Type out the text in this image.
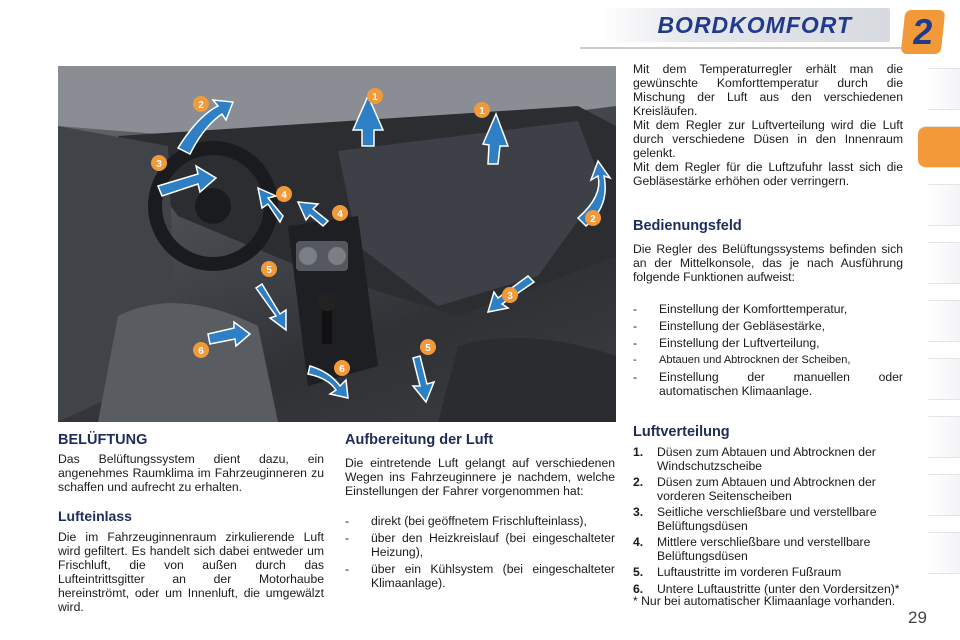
BORDKOMFORT 2
1
1
2
2
3
3
4
4
5
5
6
6
BELÜFTUNG
Das Belüftungssystem dient dazu, ein angenehmes Raumklima im Fahrzeuginneren zu schaffen und aufrecht zu erhalten.
Lufteinlass
Die im Fahrzeuginnenraum zirkulierende Luft wird gefiltert. Es handelt sich dabei entweder um Frischluft, die von außen durch das Lufteintrittsgitter an der Motorhaube hereinströmt, oder um Innenluft, die umgewälzt wird.
Aufbereitung der Luft
Die eintretende Luft gelangt auf verschiedenen Wegen ins Fahrzeuginnere je nachdem, welche Einstellungen der Fahrer vorgenommen hat:
- direkt (bei geöffnetem Frischlufteinlass),
- über den Heizkreislauf (bei eingeschalteter Heizung),
- über ein Kühlsystem (bei eingeschalteter Klimaanlage).
Mit dem Temperaturregler erhält man die gewünschte Komforttemperatur durch die Mischung der Luft aus den verschiedenen Kreisläufen.
Mit dem Regler zur Luftverteilung wird die Luft durch verschiedene Düsen in den Innenraum gelenkt.
Mit dem Regler für die Luftzufuhr lasst sich die Gebläsestärke erhöhen oder verringern.
Bedienungsfeld
Die Regler des Belüftungssystems befinden sich an der Mittelkonsole, das je nach Ausführung folgende Funktionen aufweist:
- Einstellung der Komforttemperatur,
- Einstellung der Gebläsestärke,
- Einstellung der Luftverteilung,
- Abtauen und Abtrocknen der Scheiben,
- Einstellung der manuellen oder automatischen Klimaanlage.
Luftverteilung
1. Düsen zum Abtauen und Abtrocknen der Windschutzscheibe
2. Düsen zum Abtauen und Abtrocknen der vorderen Seitenscheiben
3. Seitliche verschließbare und verstellbare Belüftungsdüsen
4. Mittlere verschließbare und verstellbare Belüftungsdüsen
5. Luftaustritte im vorderen Fußraum
6. Untere Luftaustritte (unter den Vordersitzen)*
* Nur bei automatischer Klimaanlage vorhanden.
29
